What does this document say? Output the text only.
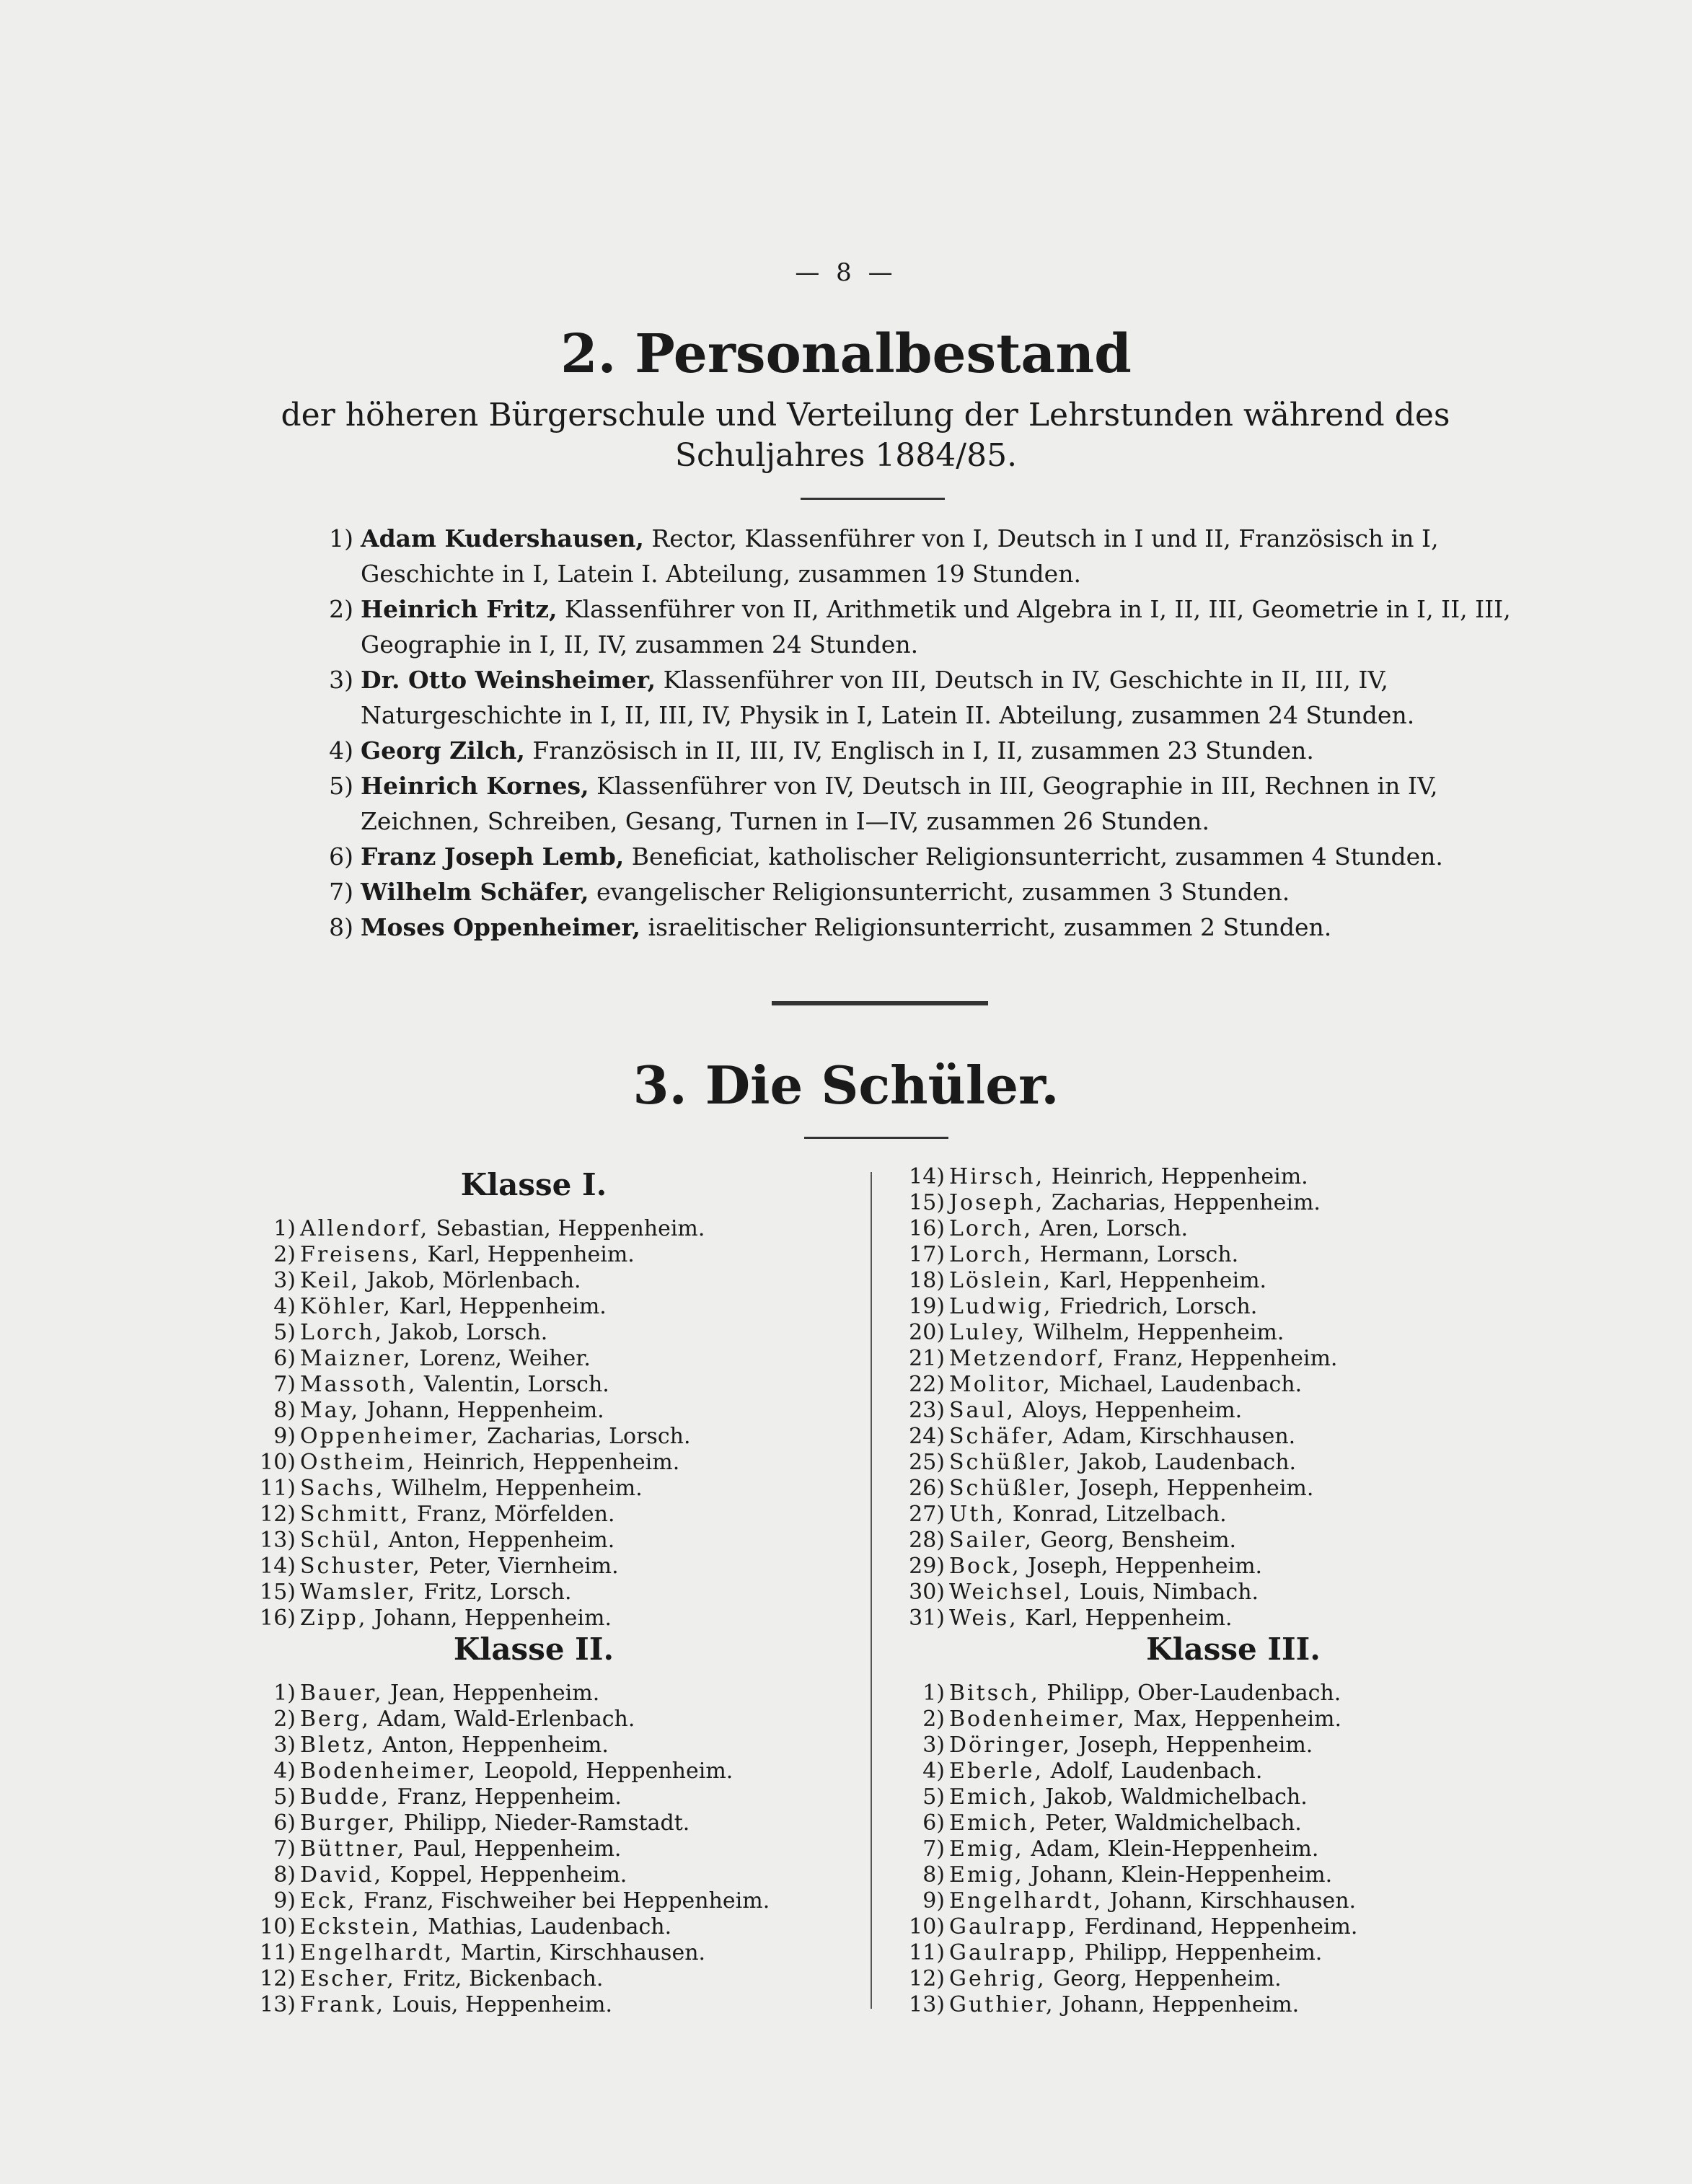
— 8 —
2. Personalbestand
der höheren Bürgerschule und Verteilung der Lehrstunden während des
Schuljahres 1884/85.
1) Adam Kudershausen, Rector, Klassenführer von I, Deutsch in I und II, Französisch in I, Geschichte in I, Latein I. Abteilung, zusammen 19 Stunden.
2) Heinrich Fritz, Klassenführer von II, Arithmetik und Algebra in I, II, III, Geometrie in I, II, III, Geographie in I, II, IV, zusammen 24 Stunden.
3) Dr. Otto Weinsheimer, Klassenführer von III, Deutsch in IV, Geschichte in II, III, IV, Naturgeschichte in I, II, III, IV, Physik in I, Latein II. Abteilung, zusammen 24 Stunden.
4) Georg Zilch, Französisch in II, III, IV, Englisch in I, II, zusammen 23 Stunden.
5) Heinrich Kornes, Klassenführer von IV, Deutsch in III, Geographie in III, Rechnen in IV, Zeichnen, Schreiben, Gesang, Turnen in I—IV, zusammen 26 Stunden.
6) Franz Joseph Lemb, Beneficiat, katholischer Religionsunterricht, zusammen 4 Stunden.
7) Wilhelm Schäfer, evangelischer Religionsunterricht, zusammen 3 Stunden.
8) Moses Oppenheimer, israelitischer Religionsunterricht, zusammen 2 Stunden.
3. Die Schüler.
Klasse I.
1) Allendorf, Sebastian, Heppenheim.
2) Freisens, Karl, Heppenheim.
3) Keil, Jakob, Mörlenbach.
4) Köhler, Karl, Heppenheim.
5) Lorch, Jakob, Lorsch.
6) Maizner, Lorenz, Weiher.
7) Massoth, Valentin, Lorsch.
8) May, Johann, Heppenheim.
9) Oppenheimer, Zacharias, Lorsch.
10) Ostheim, Heinrich, Heppenheim.
11) Sachs, Wilhelm, Heppenheim.
12) Schmitt, Franz, Mörfelden.
13) Schül, Anton, Heppenheim.
14) Schuster, Peter, Viernheim.
15) Wamsler, Fritz, Lorsch.
16) Zipp, Johann, Heppenheim.
14) Hirsch, Heinrich, Heppenheim.
15) Joseph, Zacharias, Heppenheim.
16) Lorch, Aren, Lorsch.
17) Lorch, Hermann, Lorsch.
18) Löslein, Karl, Heppenheim.
19) Ludwig, Friedrich, Lorsch.
20) Luley, Wilhelm, Heppenheim.
21) Metzendorf, Franz, Heppenheim.
22) Molitor, Michael, Laudenbach.
23) Saul, Aloys, Heppenheim.
24) Schäfer, Adam, Kirschhausen.
25) Schüßler, Jakob, Laudenbach.
26) Schüßler, Joseph, Heppenheim.
27) Uth, Konrad, Litzelbach.
28) Sailer, Georg, Bensheim.
29) Bock, Joseph, Heppenheim.
30) Weichsel, Louis, Nimbach.
31) Weis, Karl, Heppenheim.
Klasse II.
1) Bauer, Jean, Heppenheim.
2) Berg, Adam, Wald-Erlenbach.
3) Bletz, Anton, Heppenheim.
4) Bodenheimer, Leopold, Heppenheim.
5) Budde, Franz, Heppenheim.
6) Burger, Philipp, Nieder-Ramstadt.
7) Büttner, Paul, Heppenheim.
8) David, Koppel, Heppenheim.
9) Eck, Franz, Fischweiher bei Heppenheim.
10) Eckstein, Mathias, Laudenbach.
11) Engelhardt, Martin, Kirschhausen.
12) Escher, Fritz, Bickenbach.
13) Frank, Louis, Heppenheim.
Klasse III.
1) Bitsch, Philipp, Ober-Laudenbach.
2) Bodenheimer, Max, Heppenheim.
3) Döringer, Joseph, Heppenheim.
4) Eberle, Adolf, Laudenbach.
5) Emich, Jakob, Waldmichelbach.
6) Emich, Peter, Waldmichelbach.
7) Emig, Adam, Klein-Heppenheim.
8) Emig, Johann, Klein-Heppenheim.
9) Engelhardt, Johann, Kirschhausen.
10) Gaulrapp, Ferdinand, Heppenheim.
11) Gaulrapp, Philipp, Heppenheim.
12) Gehrig, Georg, Heppenheim.
13) Guthier, Johann, Heppenheim.
